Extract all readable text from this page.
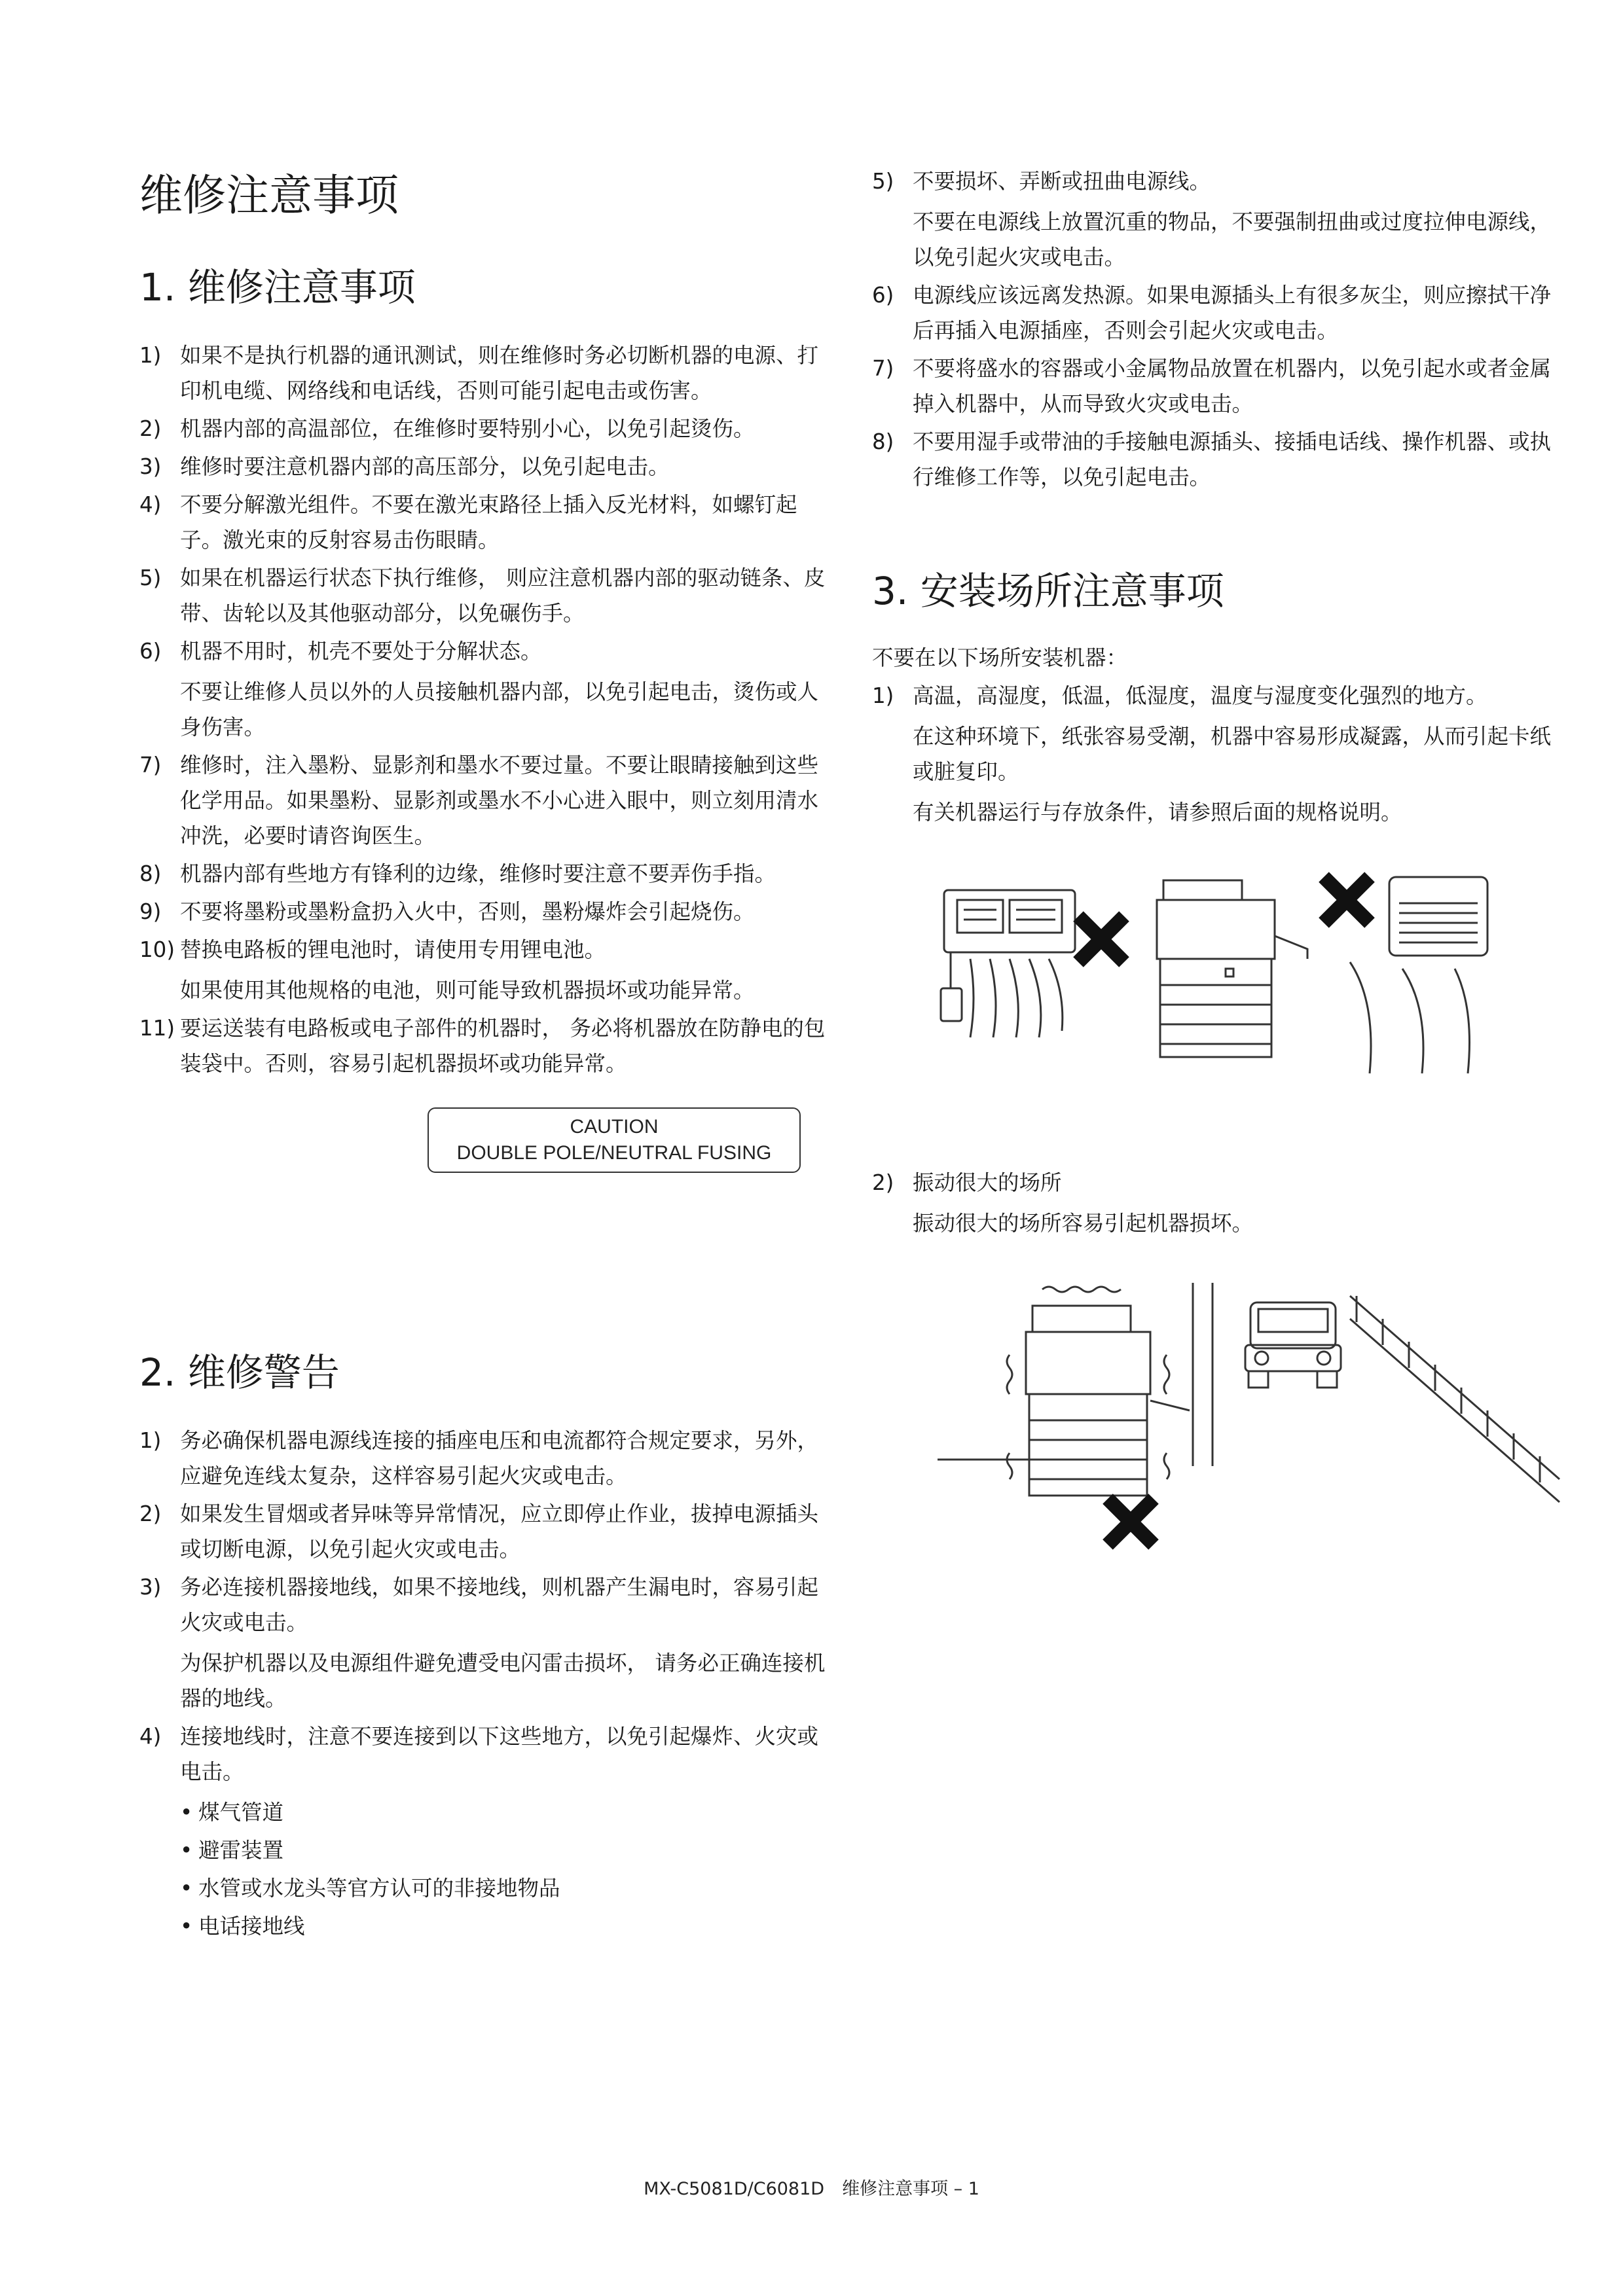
维修注意事项
1. 维修注意事项
1) 如果不是执行机器的通讯测试，则在维修时务必切断机器的电源、打印机电缆、网络线和电话线，否则可能引起电击或伤害。

2) 机器内部的高温部位，在维修时要特别小心，以免引起烫伤。

3) 维修时要注意机器内部的高压部分，以免引起电击。

4) 不要分解激光组件。不要在激光束路径上插入反光材料，如螺钉起子。激光束的反射容易击伤眼睛。

5) 如果在机器运行状态下执行维修， 则应注意机器内部的驱动链条、皮带、齿轮以及其他驱动部分，以免碾伤手。

6) 机器不用时，机壳不要处于分解状态。

不要让维修人员以外的人员接触机器内部，以免引起电击，烫伤或人身伤害。

7) 维修时，注入墨粉、显影剂和墨水不要过量。不要让眼睛接触到这些化学用品。如果墨粉、显影剂或墨水不小心进入眼中，则立刻用清水冲洗，必要时请咨询医生。

8) 机器内部有些地方有锋利的边缘，维修时要注意不要弄伤手指。

9) 不要将墨粉或墨粉盒扔入火中，否则，墨粉爆炸会引起烧伤。

10) 替换电路板的锂电池时，请使用专用锂电池。

如果使用其他规格的电池，则可能导致机器损坏或功能异常。

11) 要运送装有电路板或电子部件的机器时， 务必将机器放在防静电的包装袋中。否则，容易引起机器损坏或功能异常。

CAUTION
DOUBLE POLE/NEUTRAL FUSING
2. 维修警告
1) 务必确保机器电源线连接的插座电压和电流都符合规定要求，另外，应避免连线太复杂，这样容易引起火灾或电击。

2) 如果发生冒烟或者异味等异常情况，应立即停止作业，拔掉电源插头或切断电源，以免引起火灾或电击。

3) 务必连接机器接地线，如果不接地线，则机器产生漏电时，容易引起火灾或电击。

为保护机器以及电源组件避免遭受电闪雷击损坏， 请务必正确连接机器的地线。

4) 连接地线时，注意不要连接到以下这些地方，以免引起爆炸、火灾或电击。

• 煤气管道
• 避雷装置
• 水管或水龙头等官方认可的非接地物品
• 电话接地线
5) 不要损坏、弄断或扭曲电源线。

不要在电源线上放置沉重的物品，不要强制扭曲或过度拉伸电源线，以免引起火灾或电击。

6) 电源线应该远离发热源。如果电源插头上有很多灰尘，则应擦拭干净后再插入电源插座，否则会引起火灾或电击。

7) 不要将盛水的容器或小金属物品放置在机器内，以免引起水或者金属掉入机器中，从而导致火灾或电击。

8) 不要用湿手或带油的手接触电源插头、接插电话线、操作机器、或执行维修工作等，以免引起电击。

3. 安装场所注意事项

不要在以下场所安装机器：

1) 高温，高湿度，低温，低湿度，温度与湿度变化强烈的地方。

在这种环境下，纸张容易受潮，机器中容易形成凝露，从而引起卡纸或脏复印。

有关机器运行与存放条件，请参照后面的规格说明。

2) 振动很大的场所

振动很大的场所容易引起机器损坏。

MX-C5081D/C6081D　维修注意事项 – 1
